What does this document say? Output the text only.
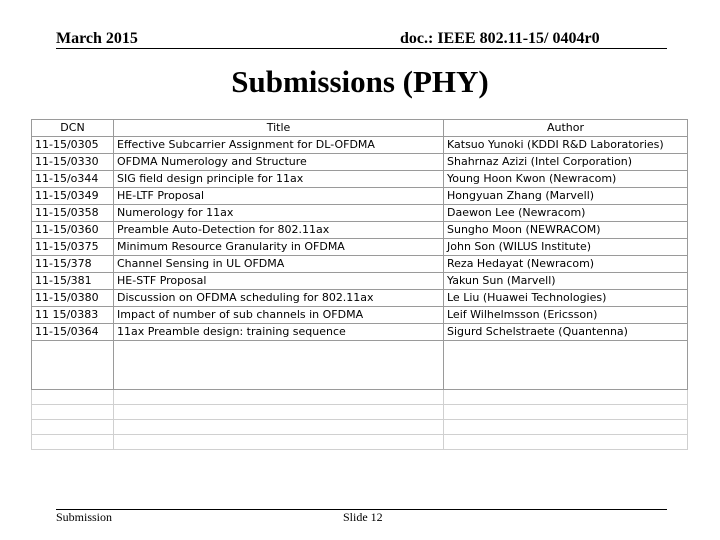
March 2015	doc.: IEEE 802.11-15/ 0404r0
Submissions (PHY)
DCN	Title	Author
11-15/0305	Effective Subcarrier Assignment for DL-OFDMA	Katsuo Yunoki (KDDI R&D Laboratories)
11-15/0330	OFDMA Numerology and Structure	Shahrnaz Azizi (Intel Corporation)
11-15/o344	SIG field design principle for 11ax	Young Hoon Kwon (Newracom)
11-15/0349	HE-LTF Proposal	Hongyuan Zhang (Marvell)
11-15/0358	Numerology for 11ax	Daewon Lee (Newracom)
11-15/0360	Preamble Auto-Detection for 802.11ax	Sungho Moon (NEWRACOM)
11-15/0375	Minimum Resource Granularity in OFDMA	John Son (WILUS Institute)
11-15/378	Channel Sensing in UL OFDMA	Reza Hedayat (Newracom)
11-15/381	HE-STF Proposal	Yakun Sun (Marvell)
11-15/0380	Discussion on OFDMA scheduling for 802.11ax	Le Liu (Huawei Technologies)
11 15/0383	Impact of number of sub channels in OFDMA	Leif Wilhelmsson (Ericsson)
11-15/0364	11ax Preamble design: training sequence	Sigurd Schelstraete (Quantenna)

Submission	Slide 12
